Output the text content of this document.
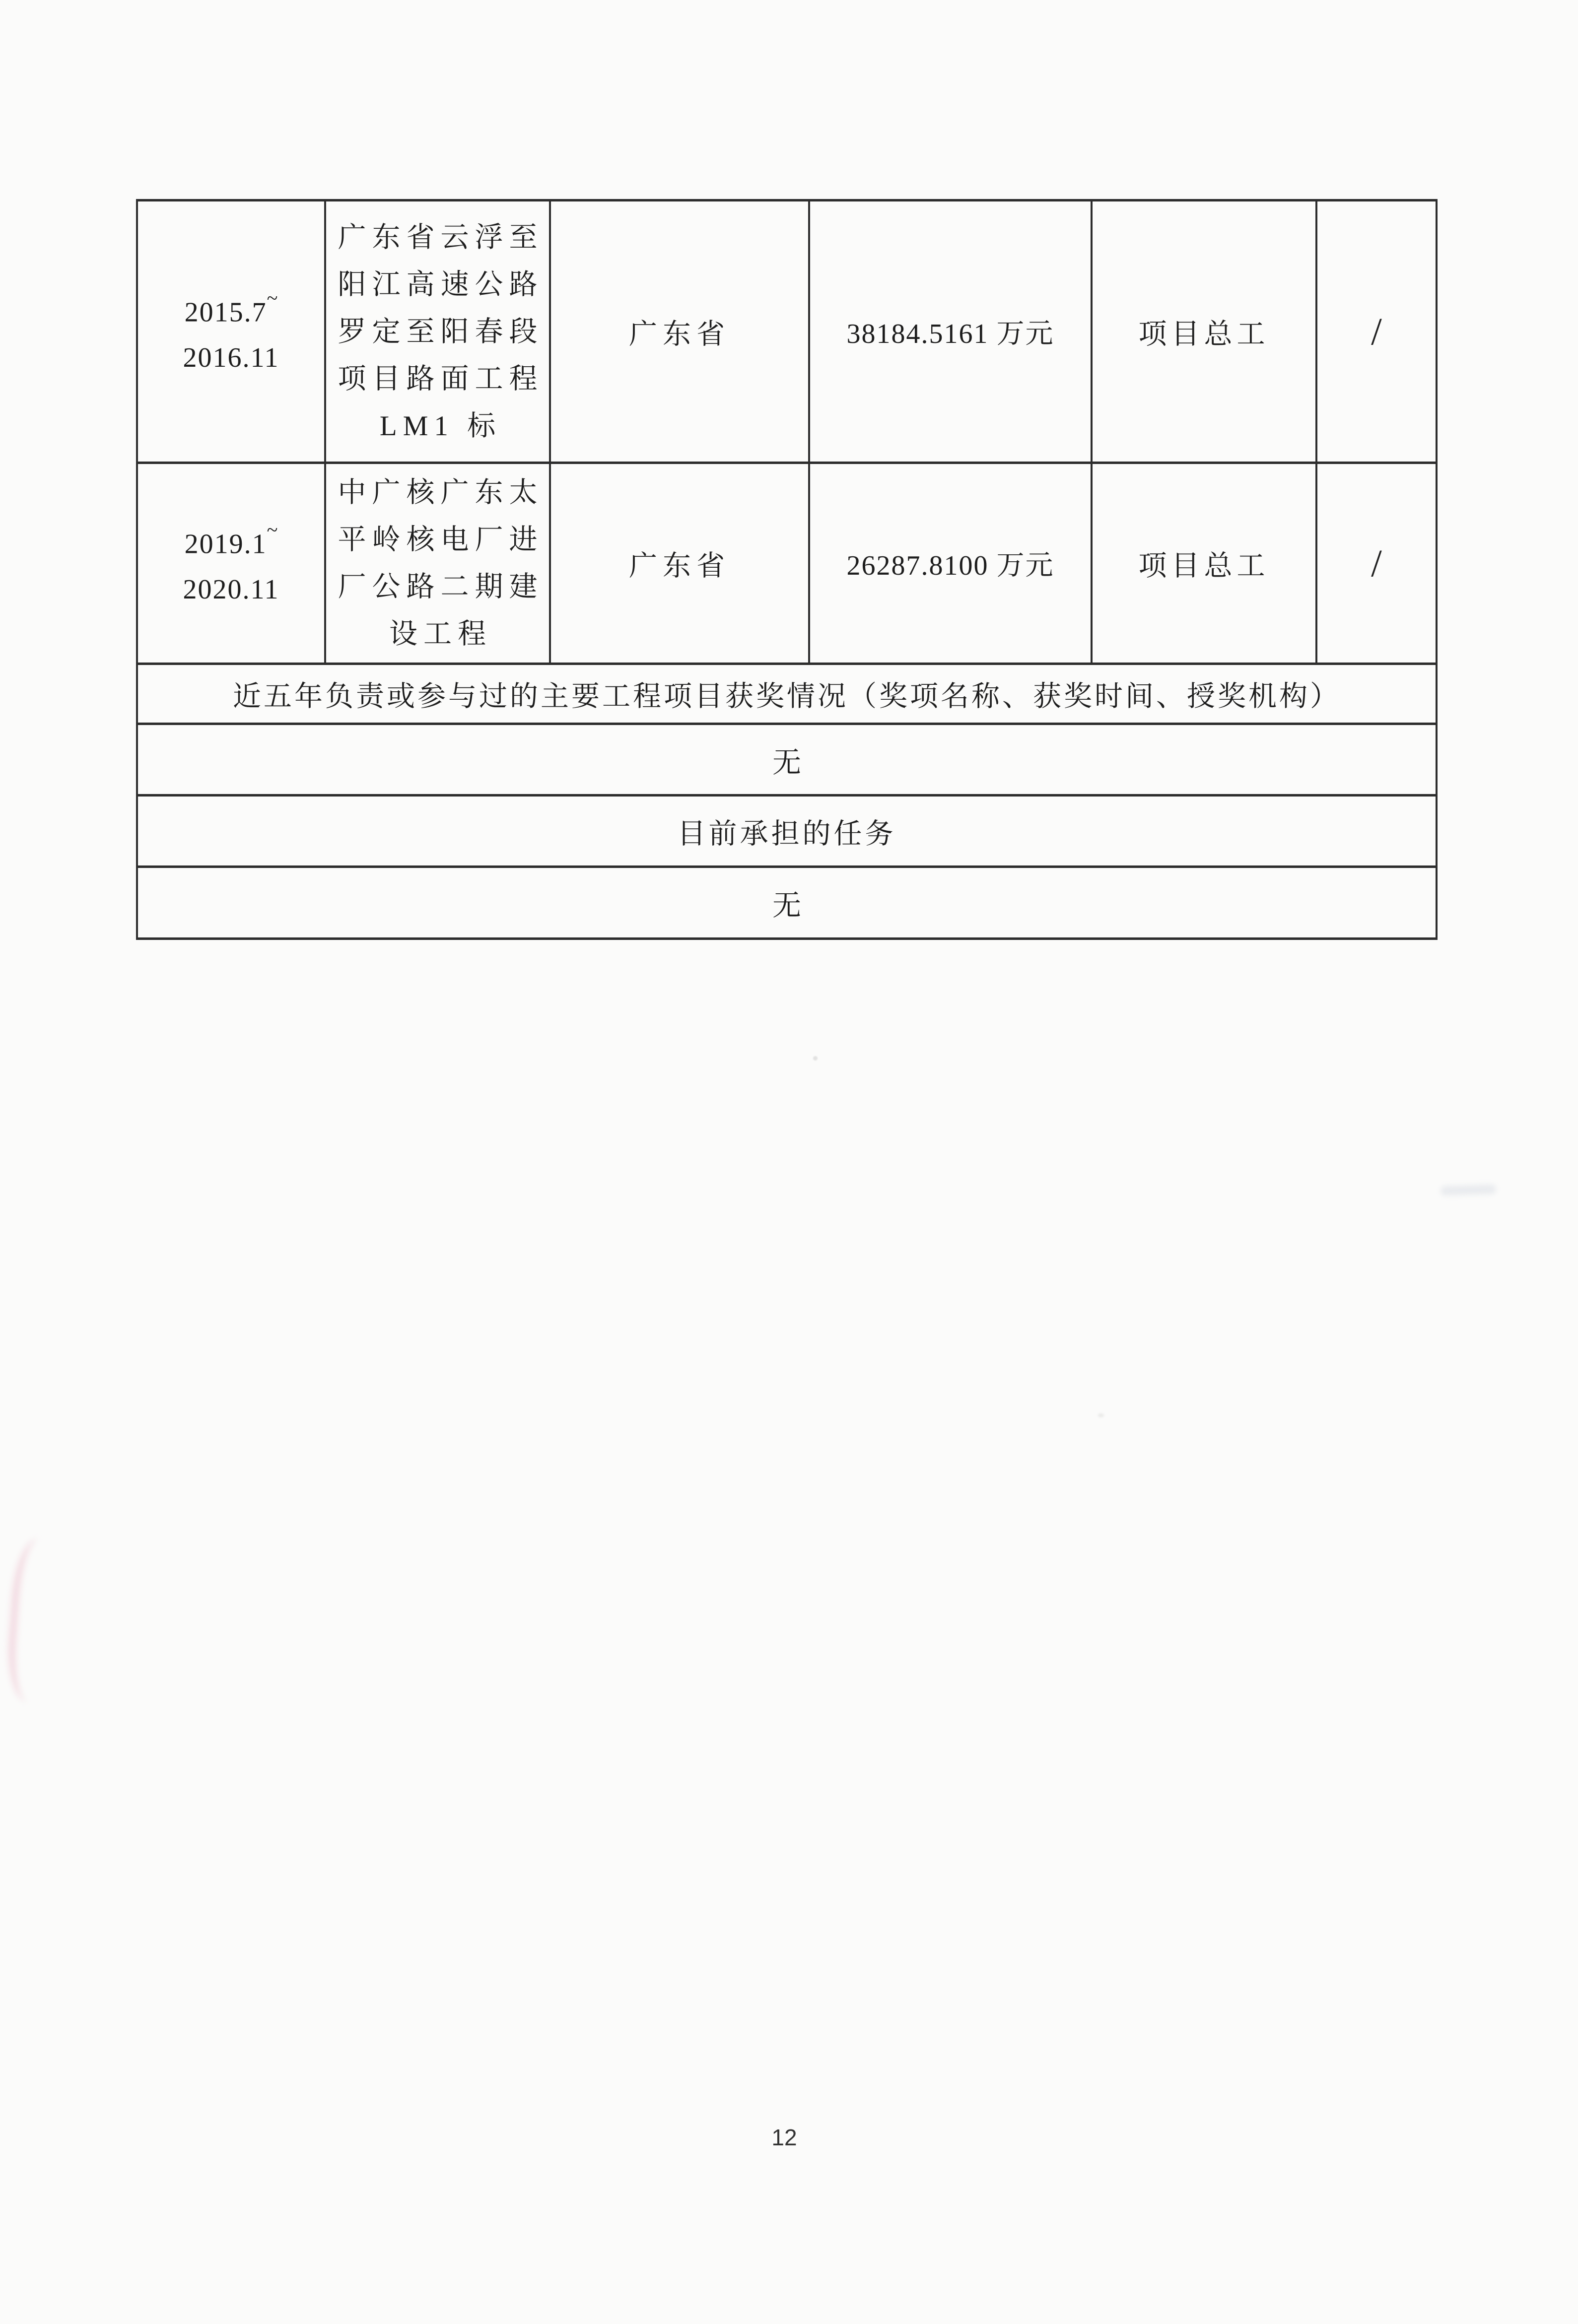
2015.7~
2016.11

广东省云浮至
阳江高速公路
罗定至阳春段
项目路面工程
LM1 标
	广东省	38184.5161 万元	项目总工	/

2019.1~
2020.11

中广核广东太
平岭核电厂进
厂公路二期建
设工程
	广东省	26287.8100 万元	项目总工	/
近五年负责或参与过的主要工程项目获奖情况（奖项名称、获奖时间、授奖机构）					
无					
目前承担的任务					
无					
12
